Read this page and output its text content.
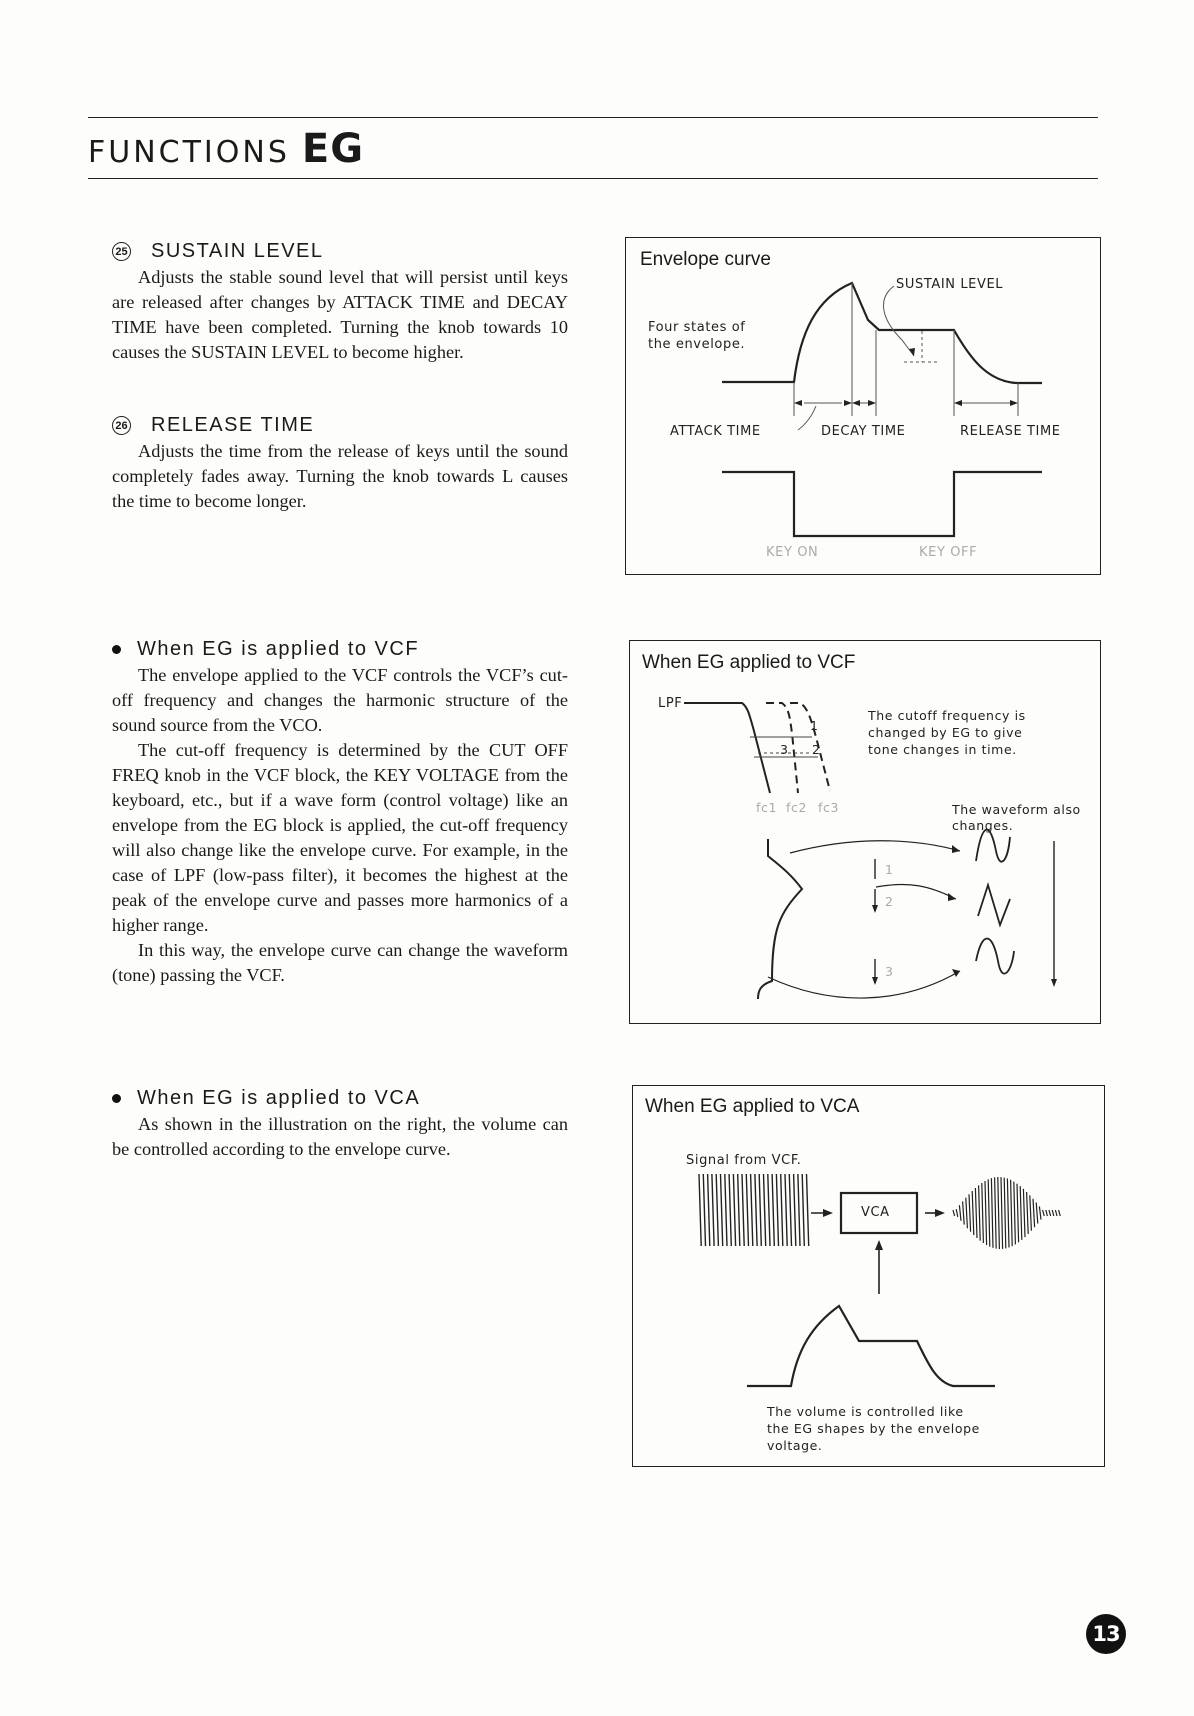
FUNCTIONS EG
25 SUSTAIN LEVEL

Adjusts the stable sound level that will persist until keys are released after changes by ATTACK TIME and DECAY TIME have been completed. Turning the knob towards 10 causes the SUSTAIN LEVEL to become higher.

26 RELEASE TIME

Adjusts the time from the release of keys until the sound completely fades away. Turning the knob towards L causes the time to become longer.

When EG is applied to VCF

The envelope applied to the VCF controls the VCF’s cut-off frequency and changes the harmonic structure of the sound source from the VCO.

The cut-off frequency is determined by the CUT OFF FREQ knob in the VCF block, the KEY VOLTAGE from the keyboard, etc., but if a wave form (control voltage) like an envelope from the EG block is applied, the cut-off frequency will also change like the envelope curve. For example, in the case of LPF (low-pass filter), it becomes the highest at the peak of the envelope curve and passes more harmonics of a higher range.

In this way, the envelope curve can change the waveform (tone) passing the VCF.

When EG is applied to VCA

As shown in the illustration on the right, the volume can be controlled according to the envelope curve.

Envelope curve
SUSTAIN LEVEL
Four states of
the envelope.
ATTACK TIME	DECAY TIME	RELEASE TIME
KEY ON	KEY OFF
When EG applied to VCF
LPF
1
3 2
The cutoff frequency is
changed by EG to give
tone changes in time.
fc1 fc2 fc3	The waveform also
changes.
1
2
3
When EG applied to VCA
Signal from VCF.
VCA
The volume is controlled like
the EG shapes by the envelope
voltage.
13
